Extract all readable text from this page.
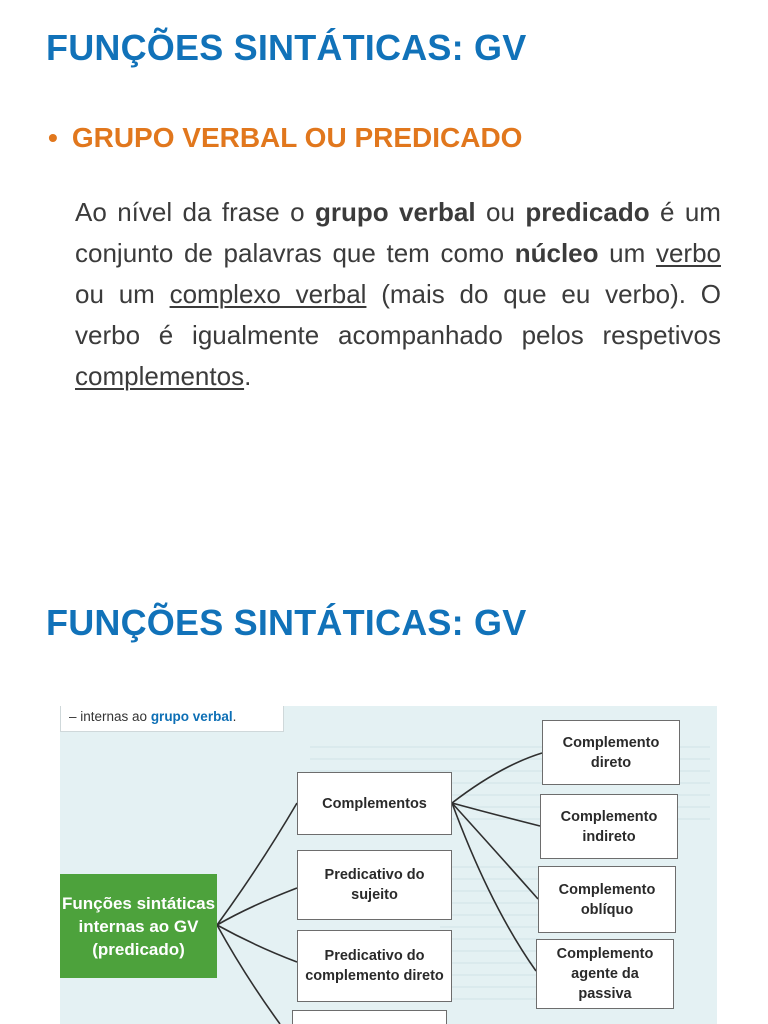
FUNÇÕES SINTÁTICAS: GV
• GRUPO VERBAL OU PREDICADO

Ao nível da frase o grupo verbal ou predicado é um conjunto de palavras que tem como núcleo um verbo ou um complexo verbal (mais do que eu verbo). O verbo é igualmente acompanhado pelos respetivos complementos.

FUNÇÕES SINTÁTICAS: GV
– internas ao grupo verbal.
Funções sintáticas internas ao GV (predicado)
Complementos
Predicativo do sujeito
Predicativo do complemento direto
Complemento direto
Complemento indireto
Complemento oblíquo
Complemento agente da passiva
